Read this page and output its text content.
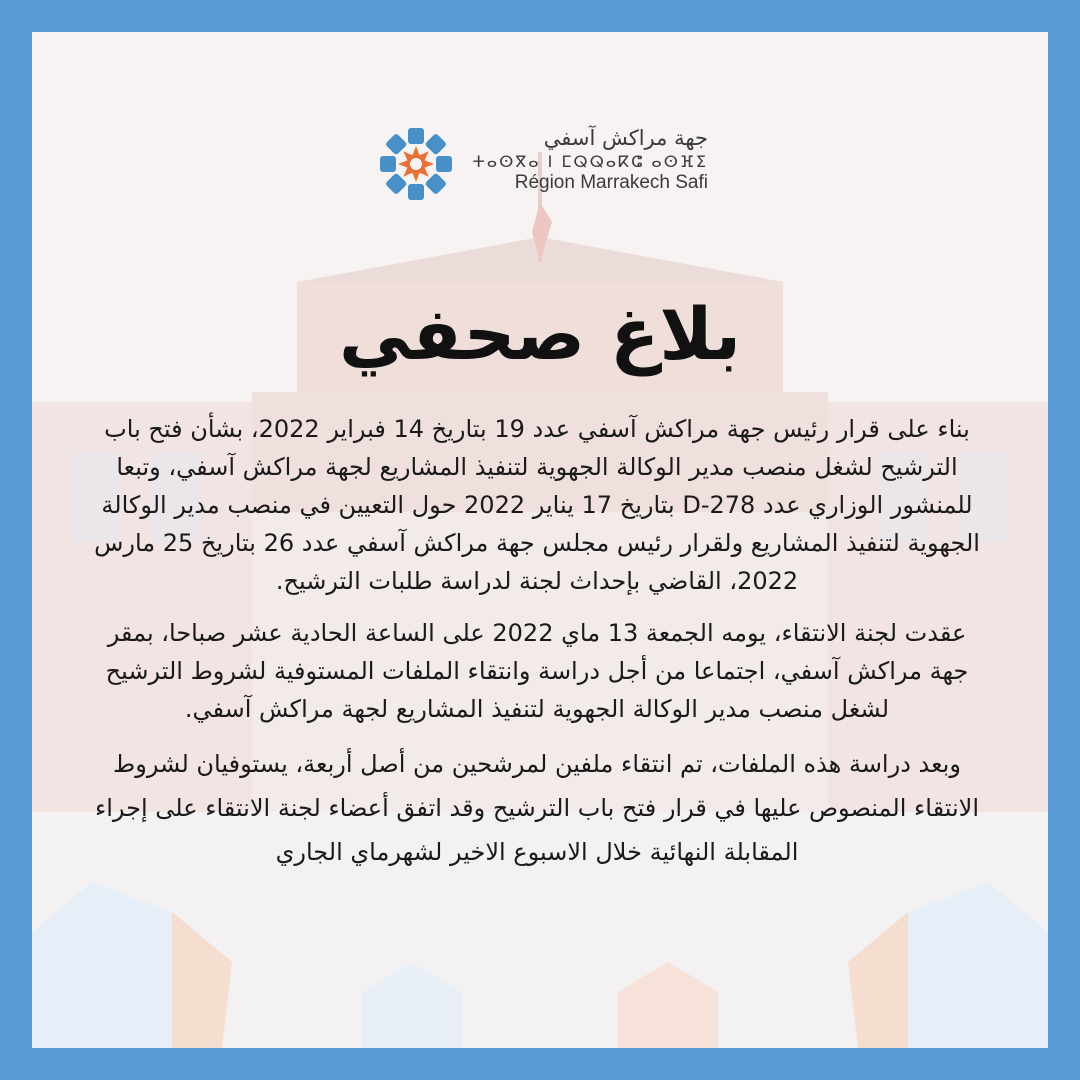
جهة مراكش آسفي
ⵜⴰⵙⴳⴰ ⵏ ⵎⵕⵕⴰⴽⵛ ⴰⵙⴼⵉ
Région Marrakech Safi
بلاغ صحفي

بناء على قرار رئيس جهة مراكش آسفي عدد 19 بتاريخ 14 فبراير 2022، بشأن فتح باب الترشيح لشغل منصب مدير الوكالة الجهوية لتنفيذ المشاريع لجهة مراكش آسفي، وتبعا للمنشور الوزاري عدد D-278 بتاريخ 17 يناير 2022 حول التعيين في منصب مدير الوكالة الجهوية لتنفيذ المشاريع ولقرار رئيس مجلس جهة مراكش آسفي عدد 26 بتاريخ 25 مارس 2022، القاضي بإحداث لجنة لدراسة طلبات الترشيح.

عقدت لجنة الانتقاء، يومه الجمعة 13 ماي 2022 على الساعة الحادية عشر صباحا، بمقر جهة مراكش آسفي، اجتماعا من أجل دراسة وانتقاء الملفات المستوفية لشروط الترشيح لشغل منصب مدير الوكالة الجهوية لتنفيذ المشاريع لجهة مراكش آسفي.

وبعد دراسة هذه الملفات، تم انتقاء ملفين لمرشحين من أصل أربعة، يستوفيان لشروط الانتقاء المنصوص عليها في قرار فتح باب الترشيح وقد اتفق أعضاء لجنة الانتقاء على إجراء المقابلة النهائية خلال الاسبوع الاخير لشهرماي الجاري
